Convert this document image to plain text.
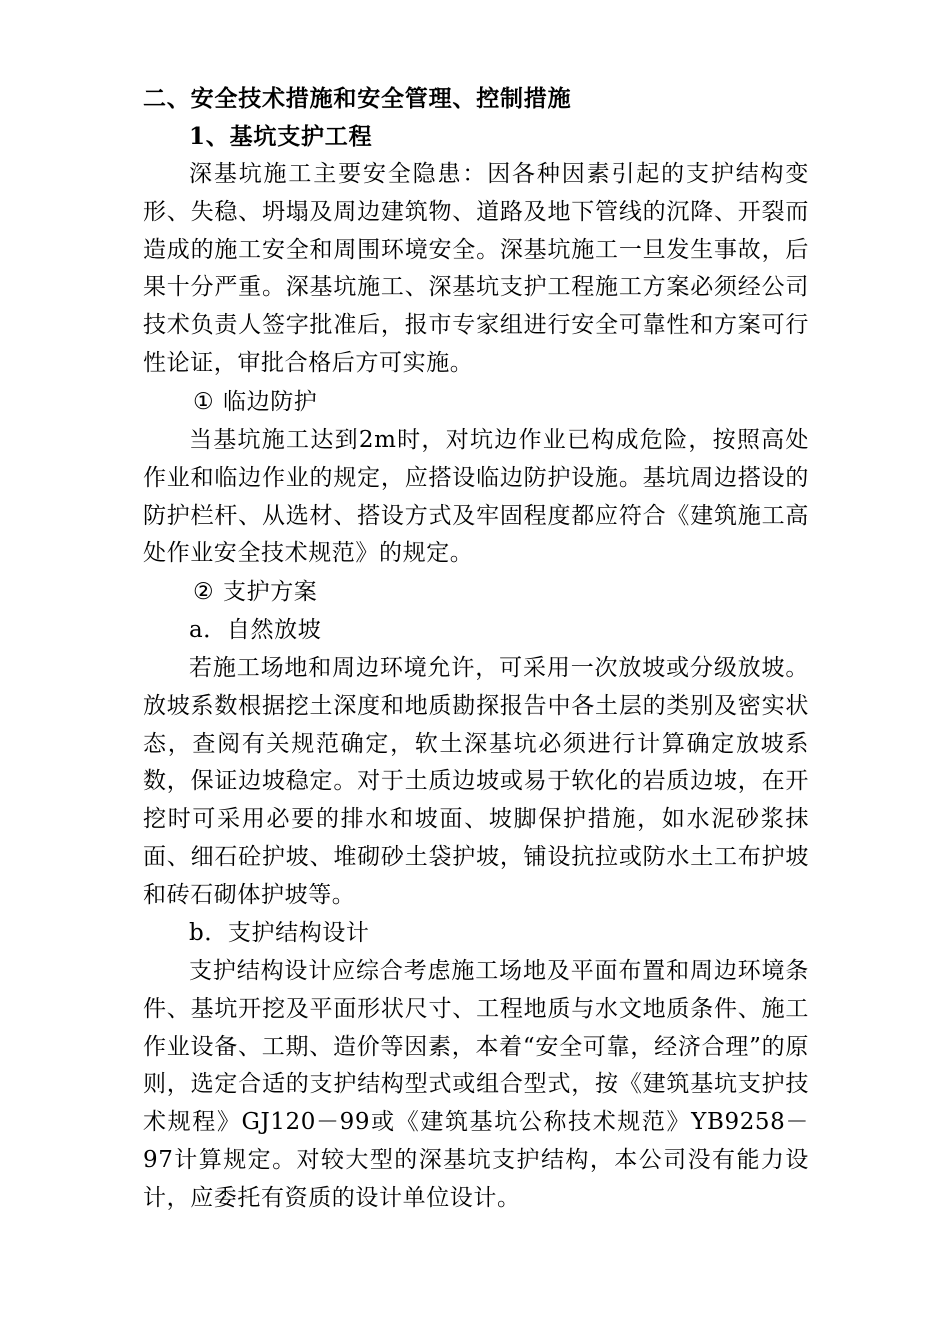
二、安全技术措施和安全管理、控制措施

1、基坑支护工程

深基坑施工主要安全隐患：因各种因素引起的支护结构变形、失稳、坍塌及周边建筑物、道路及地下管线的沉降、开裂而造成的施工安全和周围环境安全。深基坑施工一旦发生事故，后果十分严重。深基坑施工、深基坑支护工程施工方案必须经公司技术负责人签字批准后，报市专家组进行安全可靠性和方案可行性论证，审批合格后方可实施。

① 临边防护

当基坑施工达到2m时，对坑边作业已构成危险，按照高处作业和临边作业的规定，应搭设临边防护设施。基坑周边搭设的防护栏杆、从选材、搭设方式及牢固程度都应符合《建筑施工高处作业安全技术规范》的规定。

② 支护方案

a．自然放坡

若施工场地和周边环境允许，可采用一次放坡或分级放坡。放坡系数根据挖土深度和地质勘探报告中各土层的类别及密实状态，查阅有关规范确定，软土深基坑必须进行计算确定放坡系数，保证边坡稳定。对于土质边坡或易于软化的岩质边坡，在开挖时可采用必要的排水和坡面、坡脚保护措施，如水泥砂浆抹面、细石砼护坡、堆砌砂土袋护坡，铺设抗拉或防水土工布护坡和砖石砌体护坡等。

b．支护结构设计

支护结构设计应综合考虑施工场地及平面布置和周边环境条件、基坑开挖及平面形状尺寸、工程地质与水文地质条件、施工作业设备、工期、造价等因素，本着“安全可靠，经济合理”的原则，选定合适的支护结构型式或组合型式，按《建筑基坑支护技术规程》GJ120－99或《建筑基坑公称技术规范》YB9258－97计算规定。对较大型的深基坑支护结构，本公司没有能力设计，应委托有资质的设计单位设计。
